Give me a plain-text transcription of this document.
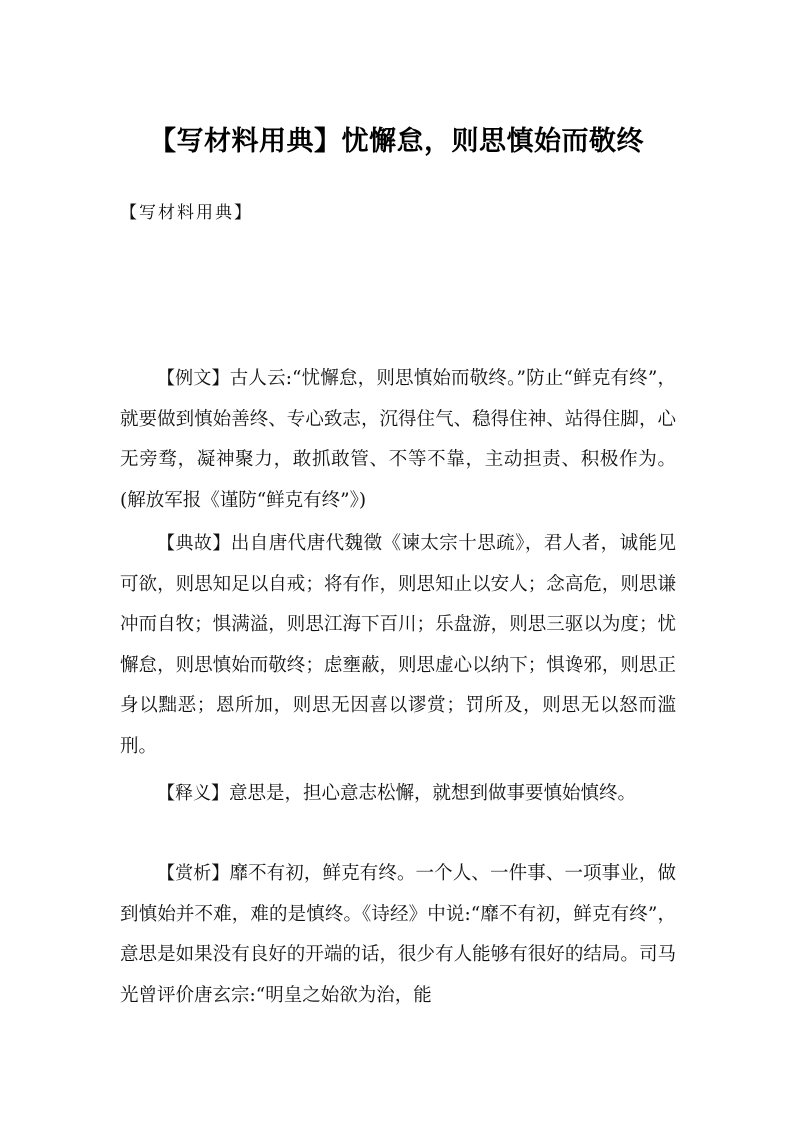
【写材料用典】忧懈怠，则思慎始而敬终
【写材料用典】
【例文】古人云:“忧懈怠，则思慎始而敬终。”防止“鲜克有终”，就要做到慎始善终、专心致志，沉得住气、稳得住神、站得住脚，心无旁骛，凝神聚力，敢抓敢管、不等不靠，主动担责、积极作为。(解放军报《谨防“鲜克有终”》)
【典故】出自唐代唐代魏徵《谏太宗十思疏》，君人者，诚能见可欲，则思知足以自戒；将有作，则思知止以安人；念高危，则思谦冲而自牧；惧满溢，则思江海下百川；乐盘游，则思三驱以为度；忧懈怠，则思慎始而敬终；虑壅蔽，则思虚心以纳下；惧谗邪，则思正身以黜恶；恩所加，则思无因喜以谬赏；罚所及，则思无以怒而滥刑。
【释义】意思是，担心意志松懈，就想到做事要慎始慎终。
【赏析】靡不有初，鲜克有终。一个人、一件事、一项事业，做到慎始并不难，难的是慎终。《诗经》中说:“靡不有初，鲜克有终”，意思是如果没有良好的开端的话，很少有人能够有很好的结局。司马光曾评价唐玄宗:“明皇之始欲为治，能
